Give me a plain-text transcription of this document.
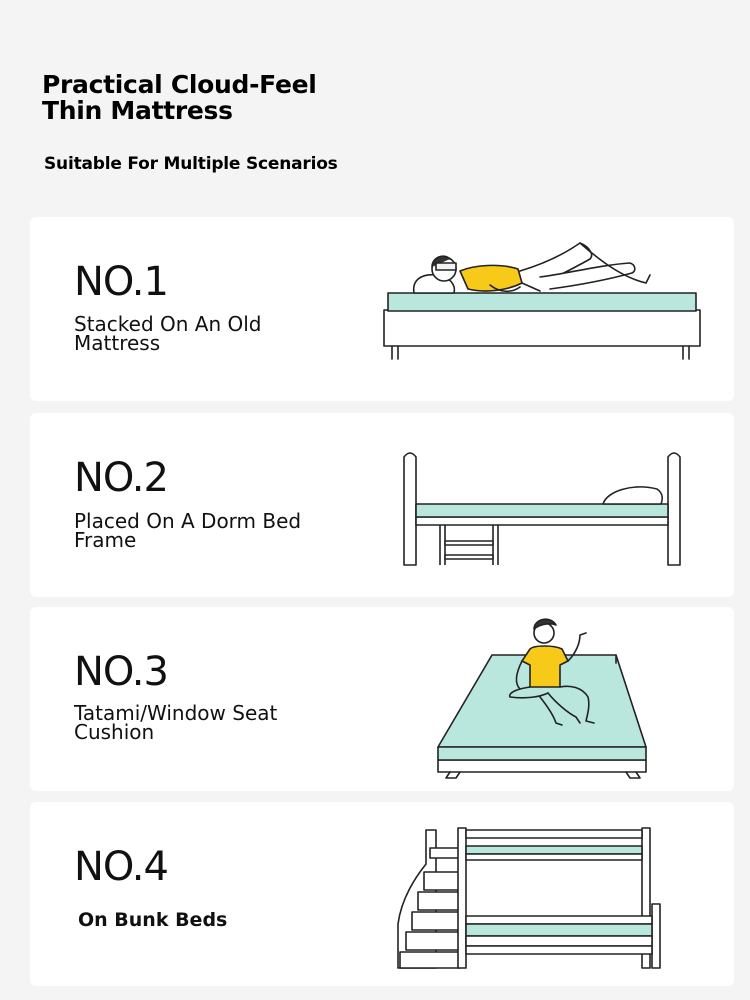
Practical Cloud-Feel
Thin Mattress
Suitable For Multiple Scenarios
NO.1
Stacked On An Old
Mattress
NO.2
Placed On A Dorm Bed
Frame
NO.3
Tatami/Window Seat
Cushion
NO.4
On Bunk Beds
